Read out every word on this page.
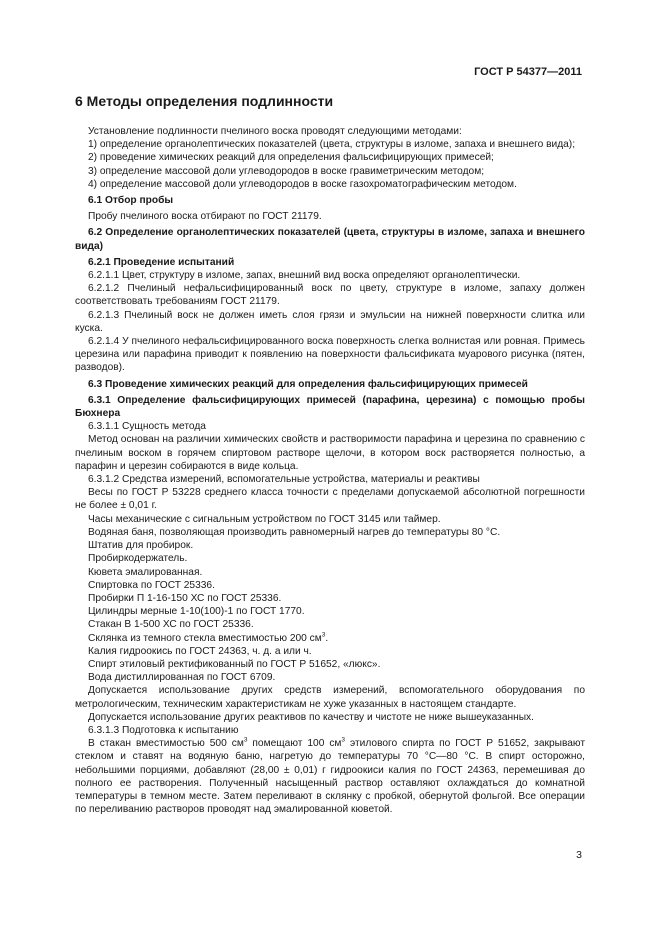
ГОСТ Р 54377—2011
6 Методы определения подлинности

Установление подлинности пчелиного воска проводят следующими методами:

1) определение органолептических показателей (цвета, структуры в изломе, запаха и внешнего вида);

2) проведение химических реакций для определения фальсифицирующих примесей;

3) определение массовой доли углеводородов в воске гравиметрическим методом;

4) определение массовой доли углеводородов в воске газохроматографическим методом.

6.1 Отбор пробы

Пробу пчелиного воска отбирают по ГОСТ 21179.

6.2 Определение органолептических показателей (цвета, структуры в изломе, запаха и внешнего вида)

6.2.1 Проведение испытаний

6.2.1.1 Цвет, структуру в изломе, запах, внешний вид воска определяют органолептически.

6.2.1.2 Пчелиный нефальсифицированный воск по цвету, структуре в изломе, запаху должен соответствовать требованиям ГОСТ 21179.

6.2.1.3 Пчелиный воск не должен иметь слоя грязи и эмульсии на нижней поверхности слитка или куска.

6.2.1.4 У пчелиного нефальсифицированного воска поверхность слегка волнистая или ровная. Примесь церезина или парафина приводит к появлению на поверхности фальсификата муарового рисунка (пятен, разводов).

6.3 Проведение химических реакций для определения фальсифицирующих примесей

6.3.1 Определение фальсифицирующих примесей (парафина, церезина) с помощью пробы Бюхнера

6.3.1.1 Сущность метода

Метод основан на различии химических свойств и растворимости парафина и церезина по сравнению с пчелиным воском в горячем спиртовом растворе щелочи, в котором воск растворяется полностью, а парафин и церезин собираются в виде кольца.

6.3.1.2 Средства измерений, вспомогательные устройства, материалы и реактивы

Весы по ГОСТ Р 53228 среднего класса точности с пределами допускаемой абсолютной погрешности не более ± 0,01 г.

Часы механические с сигнальным устройством по ГОСТ 3145 или таймер.

Водяная баня, позволяющая производить равномерный нагрев до температуры 80 °С.

Штатив для пробирок.

Пробиркодержатель.

Кювета эмалированная.

Спиртовка по ГОСТ 25336.

Пробирки П 1-16-150 ХС по ГОСТ 25336.

Цилиндры мерные 1-10(100)-1 по ГОСТ 1770.

Стакан В 1-500 ХС по ГОСТ 25336.

Склянка из темного стекла вместимостью 200 $см^3$.

Калия гидроокись по ГОСТ 24363, ч. д. а или ч.

Спирт этиловый ректификованный по ГОСТ Р 51652, «люкс».

Вода дистиллированная по ГОСТ 6709.

Допускается использование других средств измерений, вспомогательного оборудования по метрологическим, техническим характеристикам не хуже указанных в настоящем стандарте.

Допускается использование других реактивов по качеству и чистоте не ниже вышеуказанных.

6.3.1.3 Подготовка к испытанию

В стакан вместимостью 500 $см^3$ помещают 100 $см^3$ этилового спирта по ГОСТ Р 51652, закрывают стеклом и ставят на водяную баню, нагретую до температуры 70 °С—80 °С. В спирт осторожно, небольшими порциями, добавляют (28,00 ± 0,01) г гидроокиси калия по ГОСТ 24363, перемешивая до полного ее растворения. Полученный насыщенный раствор оставляют охлаждаться до комнатной температуры в темном месте. Затем переливают в склянку с пробкой, обернутой фольгой. Все операции по переливанию растворов проводят над эмалированной кюветой.

3
